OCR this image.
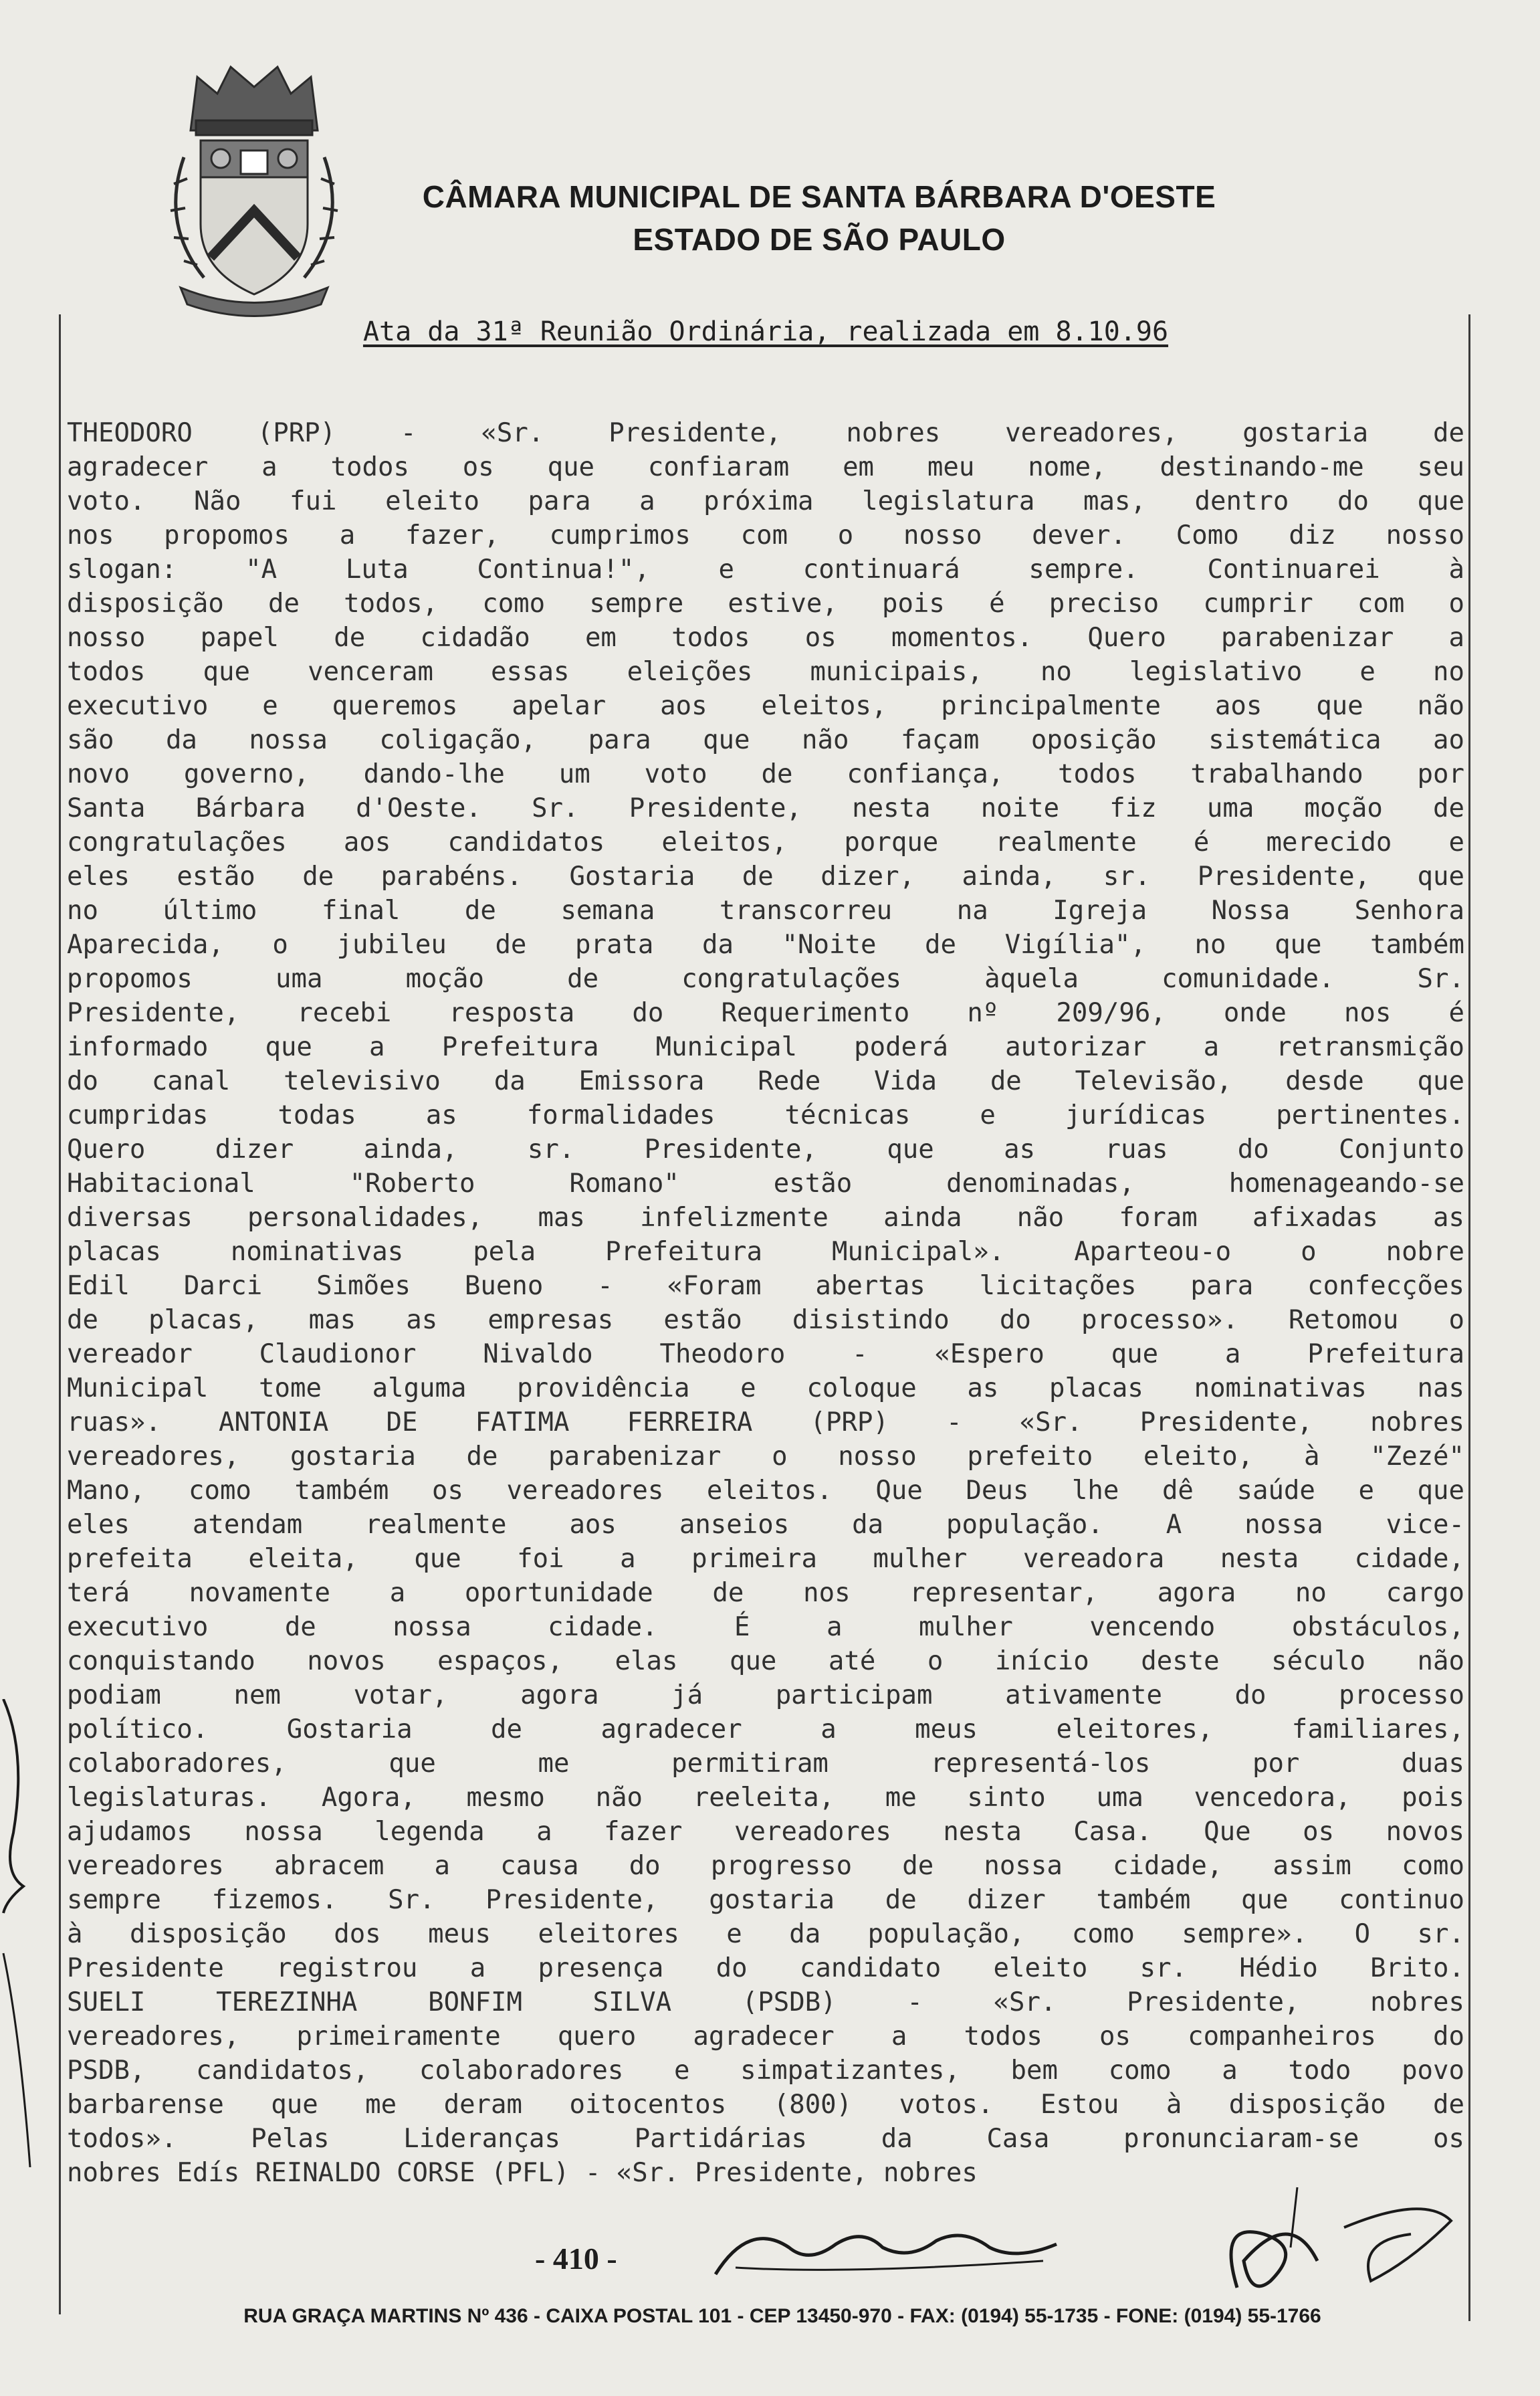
CÂMARA MUNICIPAL DE SANTA BÁRBARA D'OESTE
ESTADO DE SÃO PAULO
Ata da 31ª Reunião Ordinária, realizada em 8.10.96
THEODORO (PRP) - «Sr. Presidente, nobres vereadores, gostaria de
agradecer a todos os que confiaram em meu nome, destinando-me seu
voto. Não fui eleito para a próxima legislatura mas, dentro do que
nos propomos a fazer, cumprimos com o nosso dever. Como diz nosso
slogan: "A Luta Continua!", e continuará sempre. Continuarei à
disposição de todos, como sempre estive, pois é preciso cumprir com o
nosso papel de cidadão em todos os momentos. Quero parabenizar a
todos que venceram essas eleições municipais, no legislativo e no
executivo e queremos apelar aos eleitos, principalmente aos que não
são da nossa coligação, para que não façam oposição sistemática ao
novo governo, dando-lhe um voto de confiança, todos trabalhando por
Santa Bárbara d'Oeste. Sr. Presidente, nesta noite fiz uma moção de
congratulações aos candidatos eleitos, porque realmente é merecido e
eles estão de parabéns. Gostaria de dizer, ainda, sr. Presidente, que
no último final de semana transcorreu na Igreja Nossa Senhora
Aparecida, o jubileu de prata da "Noite de Vigília", no que também
propomos uma moção de congratulações àquela comunidade. Sr.
Presidente, recebi resposta do Requerimento nº 209/96, onde nos é
informado que a Prefeitura Municipal poderá autorizar a retransmição
do canal televisivo da Emissora Rede Vida de Televisão, desde que
cumpridas todas as formalidades técnicas e jurídicas pertinentes.
Quero dizer ainda, sr. Presidente, que as ruas do Conjunto
Habitacional "Roberto Romano" estão denominadas, homenageando-se
diversas personalidades, mas infelizmente ainda não foram afixadas as
placas nominativas pela Prefeitura Municipal». Aparteou-o o nobre
Edil Darci Simões Bueno - «Foram abertas licitações para confecções
de placas, mas as empresas estão disistindo do processo». Retomou o
vereador Claudionor Nivaldo Theodoro - «Espero que a Prefeitura
Municipal tome alguma providência e coloque as placas nominativas nas
ruas». ANTONIA DE FATIMA FERREIRA (PRP) - «Sr. Presidente, nobres
vereadores, gostaria de parabenizar o nosso prefeito eleito, à "Zezé"
Mano, como também os vereadores eleitos. Que Deus lhe dê saúde e que
eles atendam realmente aos anseios da população. A nossa vice-
prefeita eleita, que foi a primeira mulher vereadora nesta cidade,
terá novamente a oportunidade de nos representar, agora no cargo
executivo de nossa cidade. É a mulher vencendo obstáculos,
conquistando novos espaços, elas que até o início deste século não
podiam nem votar, agora já participam ativamente do processo
político. Gostaria de agradecer a meus eleitores, familiares,
colaboradores, que me permitiram representá-los por duas
legislaturas. Agora, mesmo não reeleita, me sinto uma vencedora, pois
ajudamos nossa legenda a fazer vereadores nesta Casa. Que os novos
vereadores abracem a causa do progresso de nossa cidade, assim como
sempre fizemos. Sr. Presidente, gostaria de dizer também que continuo
à disposição dos meus eleitores e da população, como sempre». O sr.
Presidente registrou a presença do candidato eleito sr. Hédio Brito.
SUELI TEREZINHA BONFIM SILVA (PSDB) - «Sr. Presidente, nobres
vereadores, primeiramente quero agradecer a todos os companheiros do
PSDB, candidatos, colaboradores e simpatizantes, bem como a todo povo
barbarense que me deram oitocentos (800) votos. Estou à disposição de
todos». Pelas Lideranças Partidárias da Casa pronunciaram-se os
nobres Edís REINALDO CORSE (PFL) - «Sr. Presidente, nobres
- 410 -
RUA GRAÇA MARTINS Nº 436 - CAIXA POSTAL 101 - CEP 13450-970 - FAX: (0194) 55-1735 - FONE: (0194) 55-1766
